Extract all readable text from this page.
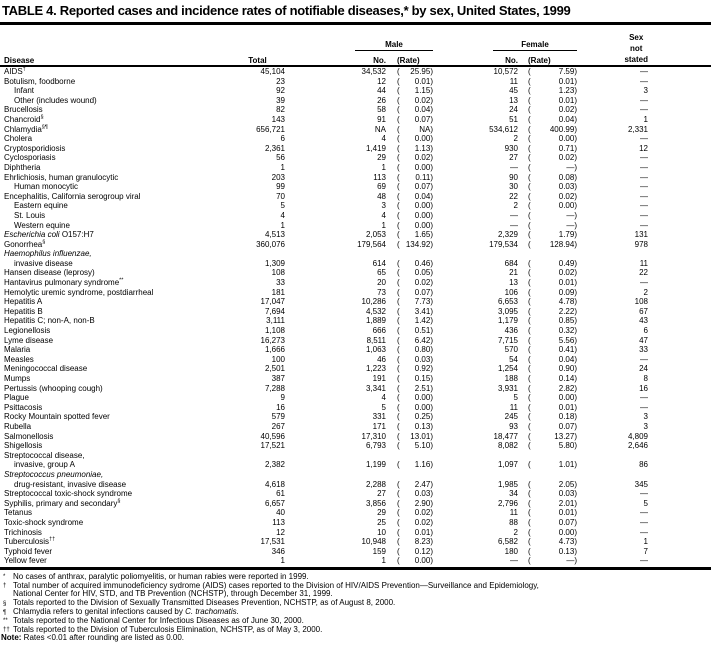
TABLE 4. Reported cases and incidence rates of notifiable diseases,* by sex, United States, 1999

		Male		Female		Sex
not
stated	

Disease	Total	No.	(Rate)	No.	(Rate)		
AIDS†	45,104	34,532	( 25.95 )	10,572	( 7.59 )	—	
Botulism, foodborne	23	12	( 0.01 )	11	( 0.01 )	—	
Infant	92	44	( 1.15 )	45	( 1.23 )	3	
Other (includes wound)	39	26	( 0.02 )	13	( 0.01 )	—	
Brucellosis	82	58	( 0.04 )	24	( 0.02 )	—	
Chancroid§	143	91	( 0.07 )	51	( 0.04 )	1	
Chlamydia§¶	656,721	NA	( NA )	534,612	( 400.99 )	2,331	
Cholera	6	4	( 0.00 )	2	( 0.00 )	—	
Cryptosporidiosis	2,361	1,419	( 1.13 )	930	( 0.71 )	12	
Cyclosporiasis	56	29	( 0.02 )	27	( 0.02 )	—	
Diphtheria	1	1	( 0.00 )	—	( — )	—	
Ehrlichiosis, human granulocytic	203	113	( 0.11 )	90	( 0.08 )	—	
Human monocytic	99	69	( 0.07 )	30	( 0.03 )	—	
Encephalitis, California serogroup viral	70	48	( 0.04 )	22	( 0.02 )	—	
Eastern equine	5	3	( 0.00 )	2	( 0.00 )	—	
St. Louis	4	4	( 0.00 )	—	( — )	—	
Western equine	1	1	( 0.00 )	—	( — )	—	
Escherichia coli O157:H7	4,513	2,053	( 1.65 )	2,329	( 1.79 )	131	
Gonorrhea§	360,076	179,564	( 134.92 )	179,534	( 128.94 )	978	
Haemophilus influenzae,							
invasive disease	1,309	614	( 0.46 )	684	( 0.49 )	11	
Hansen disease (leprosy)	108	65	( 0.05 )	21	( 0.02 )	22	
Hantavirus pulmonary syndrome**	33	20	( 0.02 )	13	( 0.01 )	—	
Hemolytic uremic syndrome, postdiarrheal	181	73	( 0.07 )	106	( 0.09 )	2	
Hepatitis A	17,047	10,286	( 7.73 )	6,653	( 4.78 )	108	
Hepatitis B	7,694	4,532	( 3.41 )	3,095	( 2.22 )	67	
Hepatitis C; non-A, non-B	3,111	1,889	( 1.42 )	1,179	( 0.85 )	43	
Legionellosis	1,108	666	( 0.51 )	436	( 0.32 )	6	
Lyme disease	16,273	8,511	( 6.42 )	7,715	( 5.56 )	47	
Malaria	1,666	1,063	( 0.80 )	570	( 0.41 )	33	
Measles	100	46	( 0.03 )	54	( 0.04 )	—	
Meningococcal disease	2,501	1,223	( 0.92 )	1,254	( 0.90 )	24	
Mumps	387	191	( 0.15 )	188	( 0.14 )	8	
Pertussis (whooping cough)	7,288	3,341	( 2.51 )	3,931	( 2.82 )	16	
Plague	9	4	( 0.00 )	5	( 0.00 )	—	
Psittacosis	16	5	( 0.00 )	11	( 0.01 )	—	
Rocky Mountain spotted fever	579	331	( 0.25 )	245	( 0.18 )	3	
Rubella	267	171	( 0.13 )	93	( 0.07 )	3	
Salmonellosis	40,596	17,310	( 13.01 )	18,477	( 13.27 )	4,809	
Shigellosis	17,521	6,793	( 5.10 )	8,082	( 5.80 )	2,646	
Streptococcal disease,							
invasive, group A	2,382	1,199	( 1.16 )	1,097	( 1.01 )	86	
Streptococcus pneumoniae,							
drug-resistant, invasive disease	4,618	2,288	( 2.47 )	1,985	( 2.05 )	345	
Streptococcal toxic-shock syndrome	61	27	( 0.03 )	34	( 0.03 )	—	
Syphilis, primary and secondary§	6,657	3,856	( 2.90 )	2,796	( 2.01 )	5	
Tetanus	40	29	( 0.02 )	11	( 0.01 )	—	
Toxic-shock syndrome	113	25	( 0.02 )	88	( 0.07 )	—	
Trichinosis	12	10	( 0.01 )	2	( 0.00 )	—	
Tuberculosis††	17,531	10,948	( 8.23 )	6,582	( 4.73 )	1	
Typhoid fever	346	159	( 0.12 )	180	( 0.13 )	7	
Yellow fever	1	1	( 0.00 )	—	( — )	—	
* No cases of anthrax, paralytic poliomyelitis, or human rabies were reported in 1999.
† Total number of acquired immunodeficiency sydrome (AIDS) cases reported to the Division of HIV/AIDS Prevention—Surveillance and Epidemiology,
National Center for HIV, STD, and TB Prevention (NCHSTP), through December 31, 1999.
§ Totals reported to the Division of Sexually Transmitted Diseases Prevention, NCHSTP, as of August 8, 2000.
¶ Chlamydia refers to genital infections caused by C. trachomatis.
** Totals reported to the National Center for Infectious Diseases as of June 30, 2000.
†† Totals reported to the Division of Tuberculosis Elimination, NCHSTP, as of May 3, 2000.
Note: Rates <0.01 after rounding are listed as 0.00.
